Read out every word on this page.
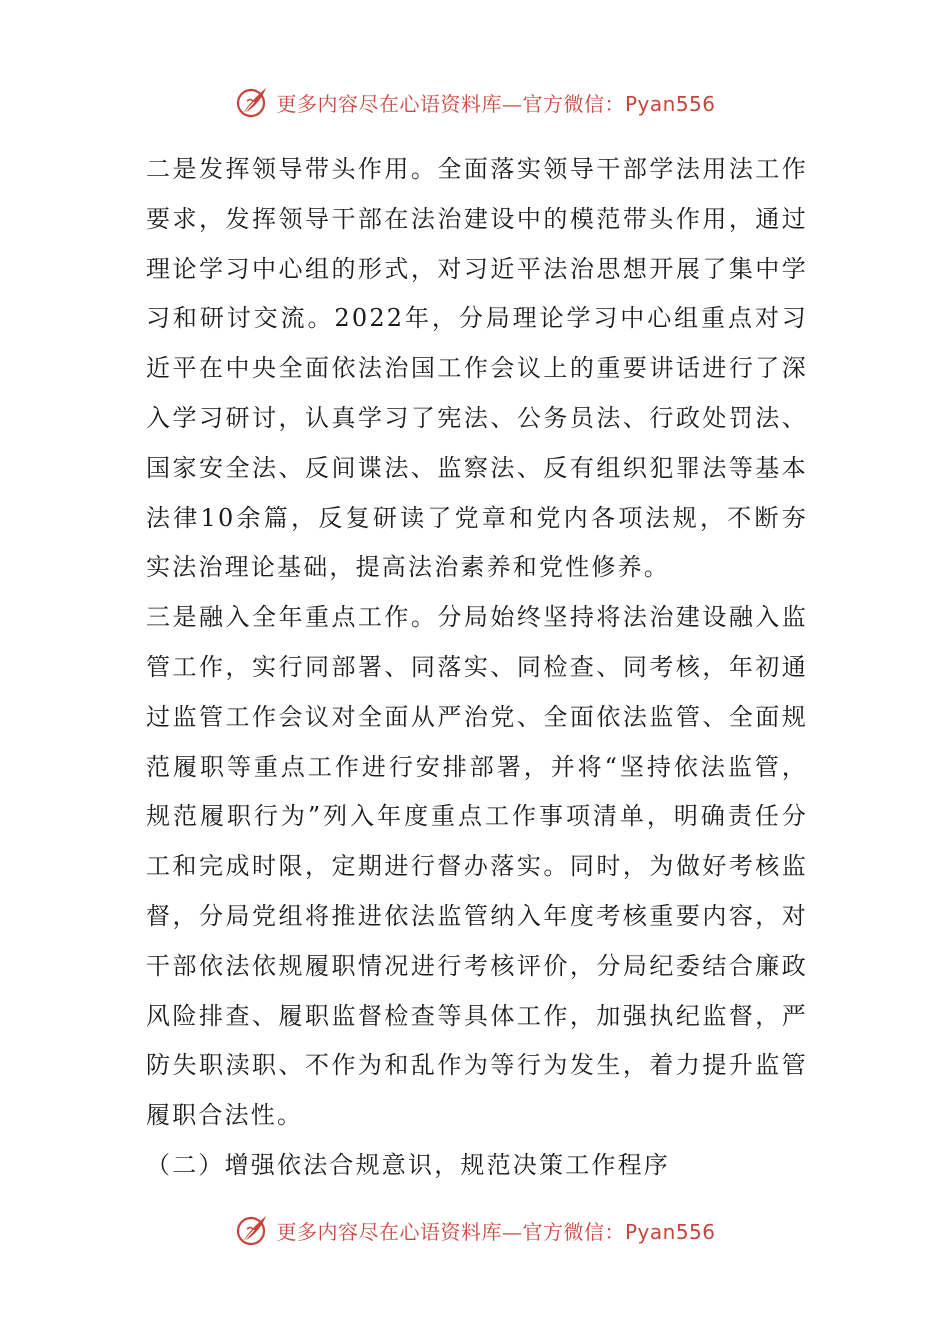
更多内容尽在心语资料库—官方微信：Pyan556

二是发挥领导带头作用。全面落实领导干部学法用法工作要求，发挥领导干部在法治建设中的模范带头作用，通过理论学习中心组的形式，对习近平法治思想开展了集中学习和研讨交流。2022年，分局理论学习中心组重点对习近平在中央全面依法治国工作会议上的重要讲话进行了深入学习研讨，认真学习了宪法、公务员法、行政处罚法、国家安全法、反间谍法、监察法、反有组织犯罪法等基本法律10余篇，反复研读了党章和党内各项法规，不断夯实法治理论基础，提高法治素养和党性修养。

三是融入全年重点工作。分局始终坚持将法治建设融入监管工作，实行同部署、同落实、同检查、同考核，年初通过监管工作会议对全面从严治党、全面依法监管、全面规范履职等重点工作进行安排部署，并将“坚持依法监管，规范履职行为”列入年度重点工作事项清单，明确责任分工和完成时限，定期进行督办落实。同时，为做好考核监督，分局党组将推进依法监管纳入年度考核重要内容，对干部依法依规履职情况进行考核评价，分局纪委结合廉政风险排查、履职监督检查等具体工作，加强执纪监督，严防失职渎职、不作为和乱作为等行为发生，着力提升监管履职合法性。

（二）增强依法合规意识，规范决策工作程序

更多内容尽在心语资料库—官方微信：Pyan556
